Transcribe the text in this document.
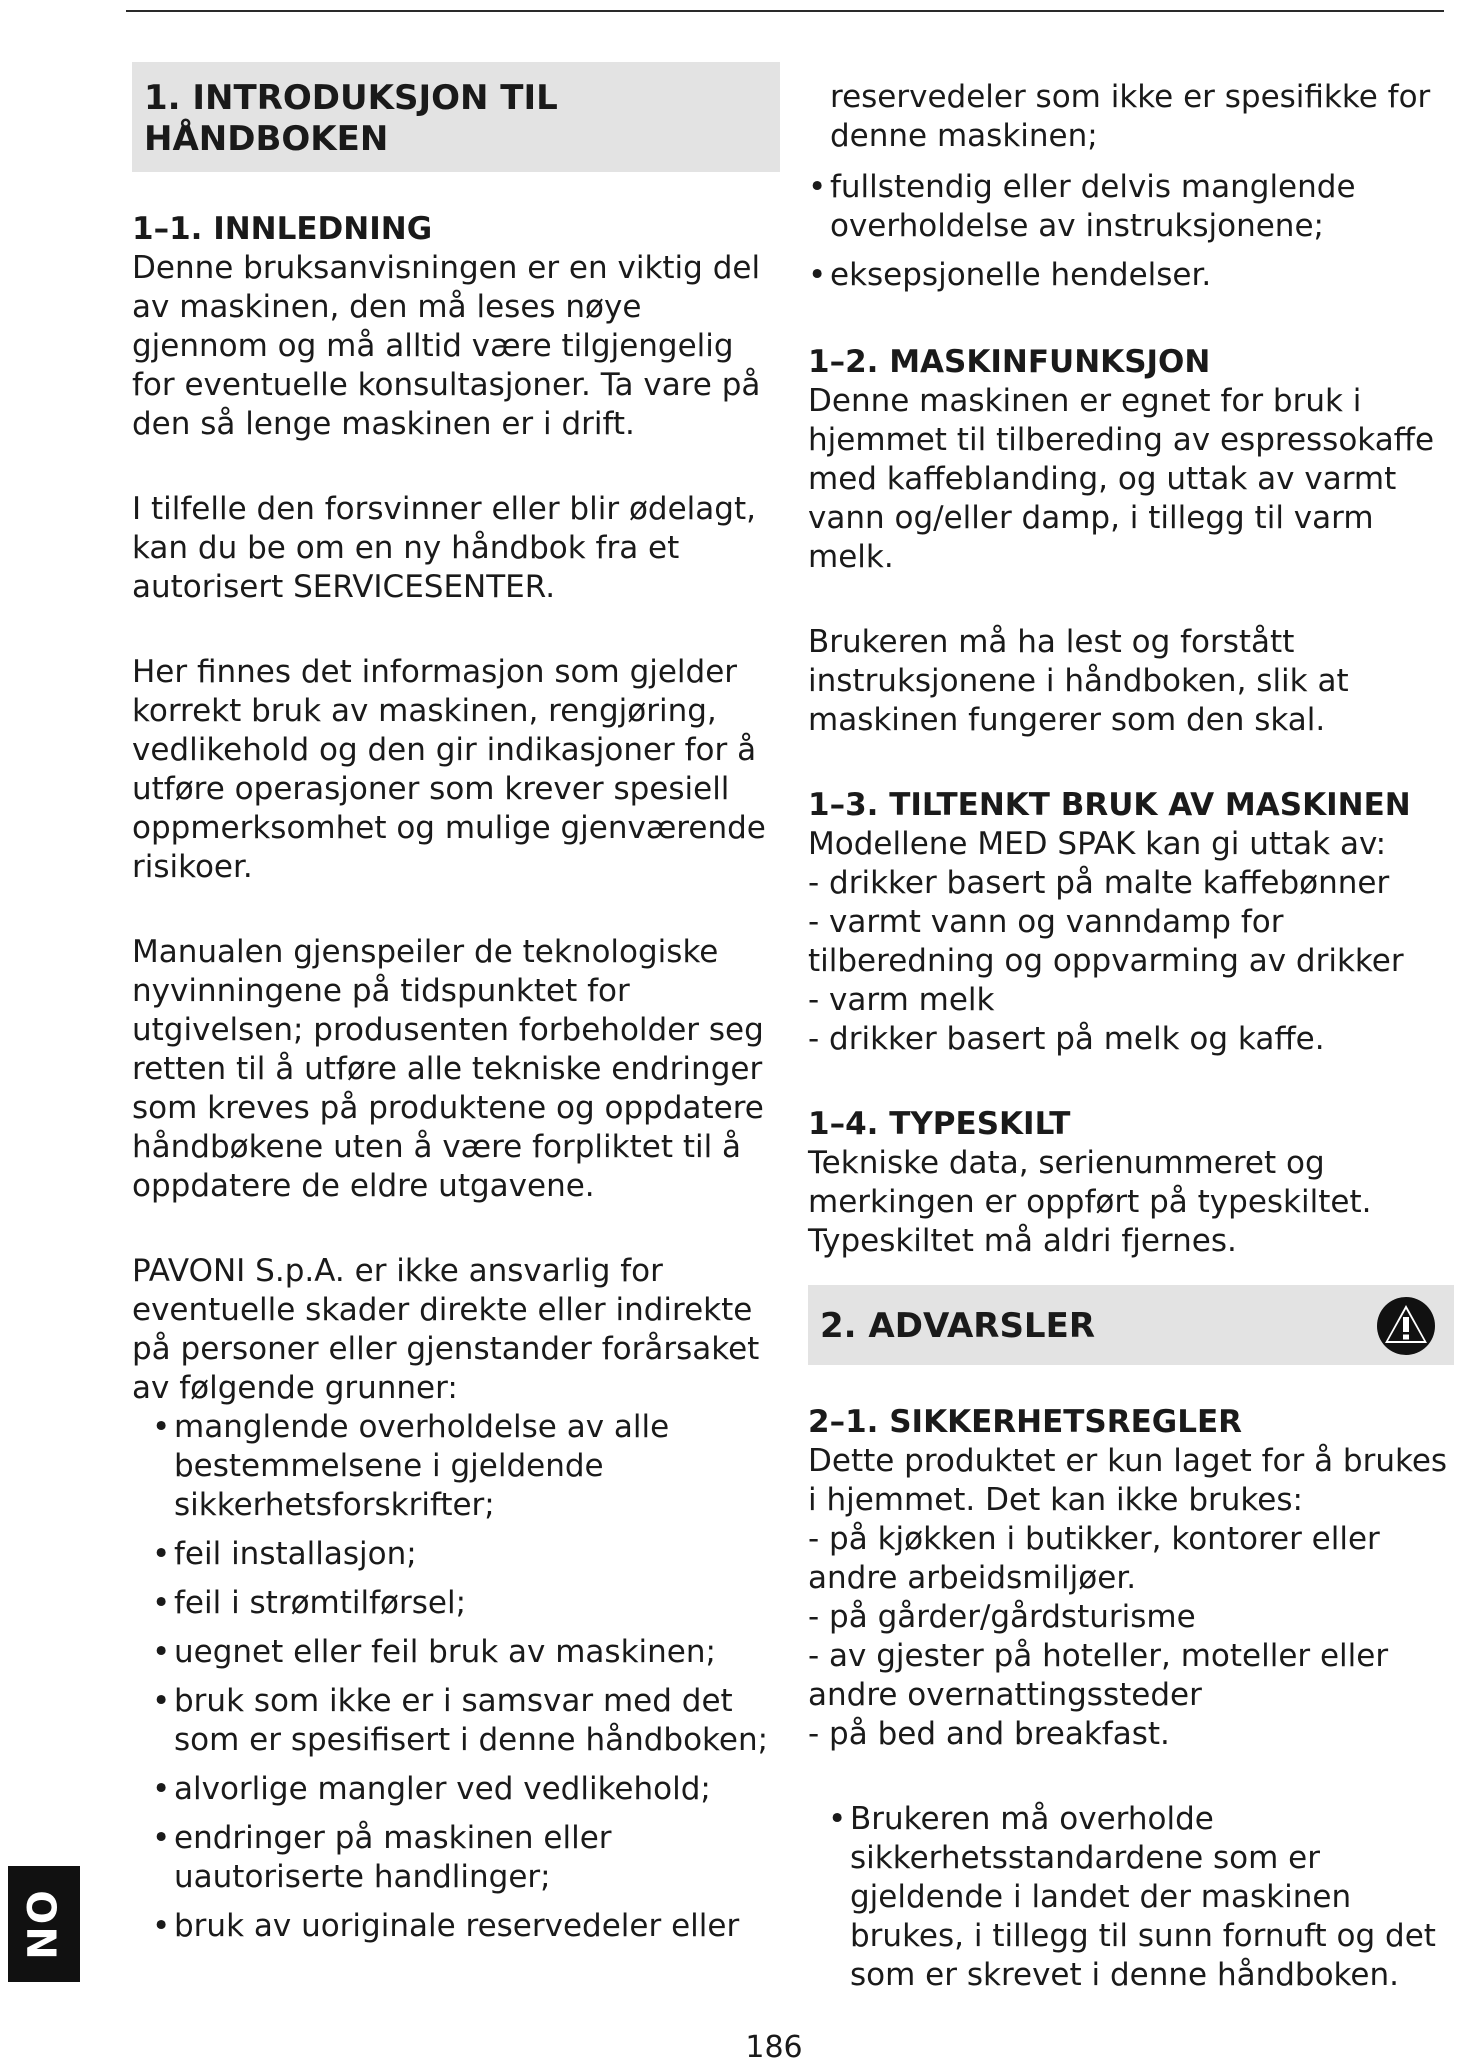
1. INTRODUKSJON TIL HÅNDBOKEN
1–1. INNLEDNING

Denne bruksanvisningen er en viktig del av maskinen, den må leses nøye gjennom og må alltid være tilgjengelig for eventuelle konsultasjoner. Ta vare på den så lenge maskinen er i drift.

I tilfelle den forsvinner eller blir ødelagt, kan du be om en ny håndbok fra et autorisert SERVICESENTER.

Her finnes det informasjon som gjelder korrekt bruk av maskinen, rengjøring, vedlikehold og den gir indikasjoner for å utføre operasjoner som krever spesiell oppmerksomhet og mulige gjenværende risikoer.

Manualen gjenspeiler de teknologiske nyvinningene på tidspunktet for utgivelsen; produsenten forbeholder seg retten til å utføre alle tekniske endringer som kreves på produktene og oppdatere håndbøkene uten å være forpliktet til å oppdatere de eldre utgavene.

PAVONI S.p.A. er ikke ansvarlig for eventuelle skader direkte eller indirekte på personer eller gjenstander forårsaket av følgende grunner:

• manglende overholdelse av alle bestemmelsene i gjeldende sikkerhetsforskrifter;
• feil installasjon;
• feil i strømtilførsel;
• uegnet eller feil bruk av maskinen;
• bruk som ikke er i samsvar med det som er spesifisert i denne håndboken;
• alvorlige mangler ved vedlikehold;
• endringer på maskinen eller uautoriserte handlinger;
• bruk av uoriginale reservedeler eller

reservedeler som ikke er spesifikke for denne maskinen;

• fullstendig eller delvis manglende overholdelse av instruksjonene;
• eksepsjonelle hendelser.
1–2. MASKINFUNKSJON

Denne maskinen er egnet for bruk i hjemmet til tilbereding av espressokaffe med kaffeblanding, og uttak av varmt vann og/eller damp, i tillegg til varm melk.

Brukeren må ha lest og forstått instruksjonene i håndboken, slik at maskinen fungerer som den skal.

1–3. TILTENKT BRUK AV MASKINEN

Modellene MED SPAK kan gi uttak av:

- drikker basert på malte kaffebønner
- varmt vann og vanndamp for tilberedning og oppvarming av drikker
- varm melk

- drikker basert på melk og kaffe.

1–4. TYPESKILT

Tekniske data, serienummeret og merkingen er oppført på typeskiltet. Typeskiltet må aldri fjernes.

2. ADVARSLER
2–1. SIKKERHETSREGLER

Dette produktet er kun laget for å brukes i hjemmet. Det kan ikke brukes:

- på kjøkken i butikker, kontorer eller andre arbeidsmiljøer.
- på gårder/gårdsturisme
- av gjester på hoteller, moteller eller andre overnattingssteder
- på bed and breakfast.
• Brukeren må overholde sikkerhetsstandardene som er gjeldende i landet der maskinen brukes, i tillegg til sunn fornuft og det som er skrevet i denne håndboken.
NO
186
